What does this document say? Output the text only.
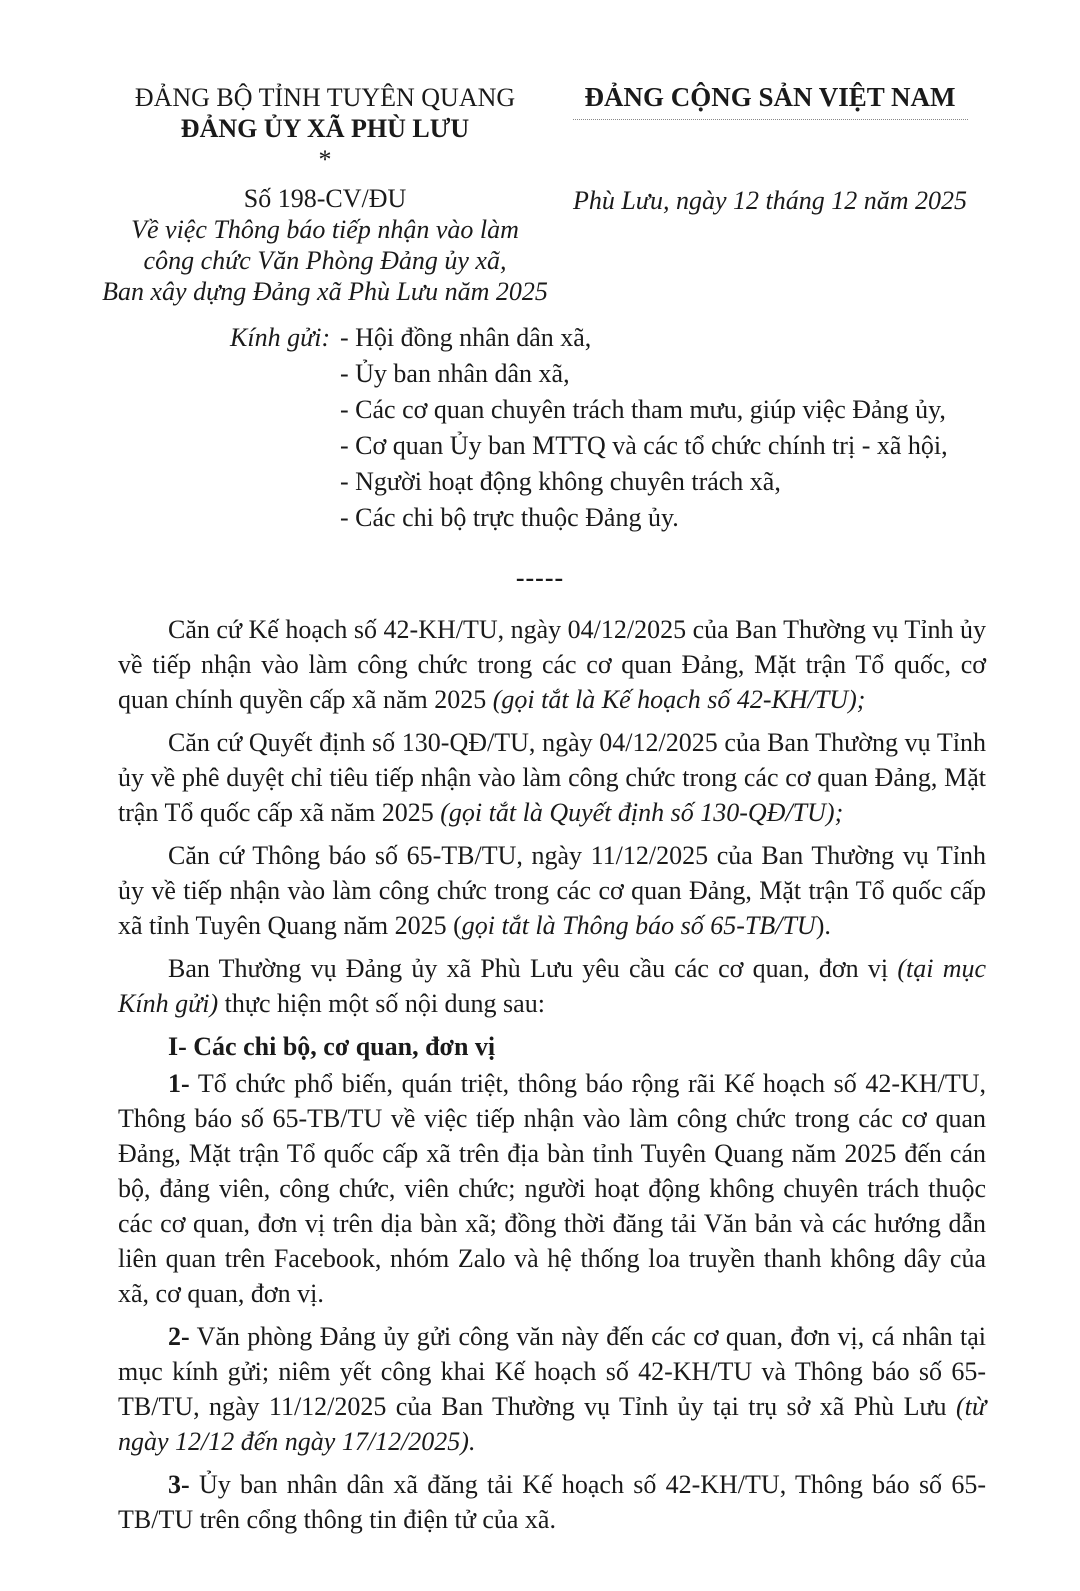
ĐẢNG BỘ TỈNH TUYÊN QUANG
ĐẢNG ỦY XÃ PHÙ LƯU
*
Số 198-CV/ĐU
Về việc Thông báo tiếp nhận vào làm
công chức Văn Phòng Đảng ủy xã,
Ban xây dựng Đảng xã Phù Lưu năm 2025
ĐẢNG CỘNG SẢN VIỆT NAM
Phù Lưu, ngày 12 tháng 12 năm 2025
Kính gửi: - Hội đồng nhân dân xã,
- Ủy ban nhân dân xã,
- Các cơ quan chuyên trách tham mưu, giúp việc Đảng ủy,
- Cơ quan Ủy ban MTTQ và các tổ chức chính trị - xã hội,
- Người hoạt động không chuyên trách xã,
- Các chi bộ trực thuộc Đảng ủy.
-----

Căn cứ Kế hoạch số 42-KH/TU, ngày 04/12/2025 của Ban Thường vụ Tỉnh ủy về tiếp nhận vào làm công chức trong các cơ quan Đảng, Mặt trận Tổ quốc, cơ quan chính quyền cấp xã năm 2025 (gọi tắt là Kế hoạch số 42-KH/TU);

Căn cứ Quyết định số 130-QĐ/TU, ngày 04/12/2025 của Ban Thường vụ Tỉnh ủy về phê duyệt chỉ tiêu tiếp nhận vào làm công chức trong các cơ quan Đảng, Mặt trận Tổ quốc cấp xã năm 2025 (gọi tắt là Quyết định số 130-QĐ/TU);

Căn cứ Thông báo số 65-TB/TU, ngày 11/12/2025 của Ban Thường vụ Tỉnh ủy về tiếp nhận vào làm công chức trong các cơ quan Đảng, Mặt trận Tổ quốc cấp xã tỉnh Tuyên Quang năm 2025 (gọi tắt là Thông báo số 65-TB/TU).

Ban Thường vụ Đảng ủy xã Phù Lưu yêu cầu các cơ quan, đơn vị (tại mục Kính gửi) thực hiện một số nội dung sau:

I- Các chi bộ, cơ quan, đơn vị

1- Tổ chức phổ biến, quán triệt, thông báo rộng rãi Kế hoạch số 42-KH/TU, Thông báo số 65-TB/TU về việc tiếp nhận vào làm công chức trong các cơ quan Đảng, Mặt trận Tổ quốc cấp xã trên địa bàn tỉnh Tuyên Quang năm 2025 đến cán bộ, đảng viên, công chức, viên chức; người hoạt động không chuyên trách thuộc các cơ quan, đơn vị trên dịa bàn xã; đồng thời đăng tải Văn bản và các hướng dẫn liên quan trên Facebook, nhóm Zalo và hệ thống loa truyền thanh không dây của xã, cơ quan, đơn vị.

2- Văn phòng Đảng ủy gửi công văn này đến các cơ quan, đơn vị, cá nhân tại mục kính gửi; niêm yết công khai Kế hoạch số 42-KH/TU và Thông báo số 65-TB/TU, ngày 11/12/2025 của Ban Thường vụ Tỉnh ủy tại trụ sở xã Phù Lưu (từ ngày 12/12 đến ngày 17/12/2025).

3- Ủy ban nhân dân xã đăng tải Kế hoạch số 42-KH/TU, Thông báo số 65-TB/TU trên cổng thông tin điện tử của xã.
